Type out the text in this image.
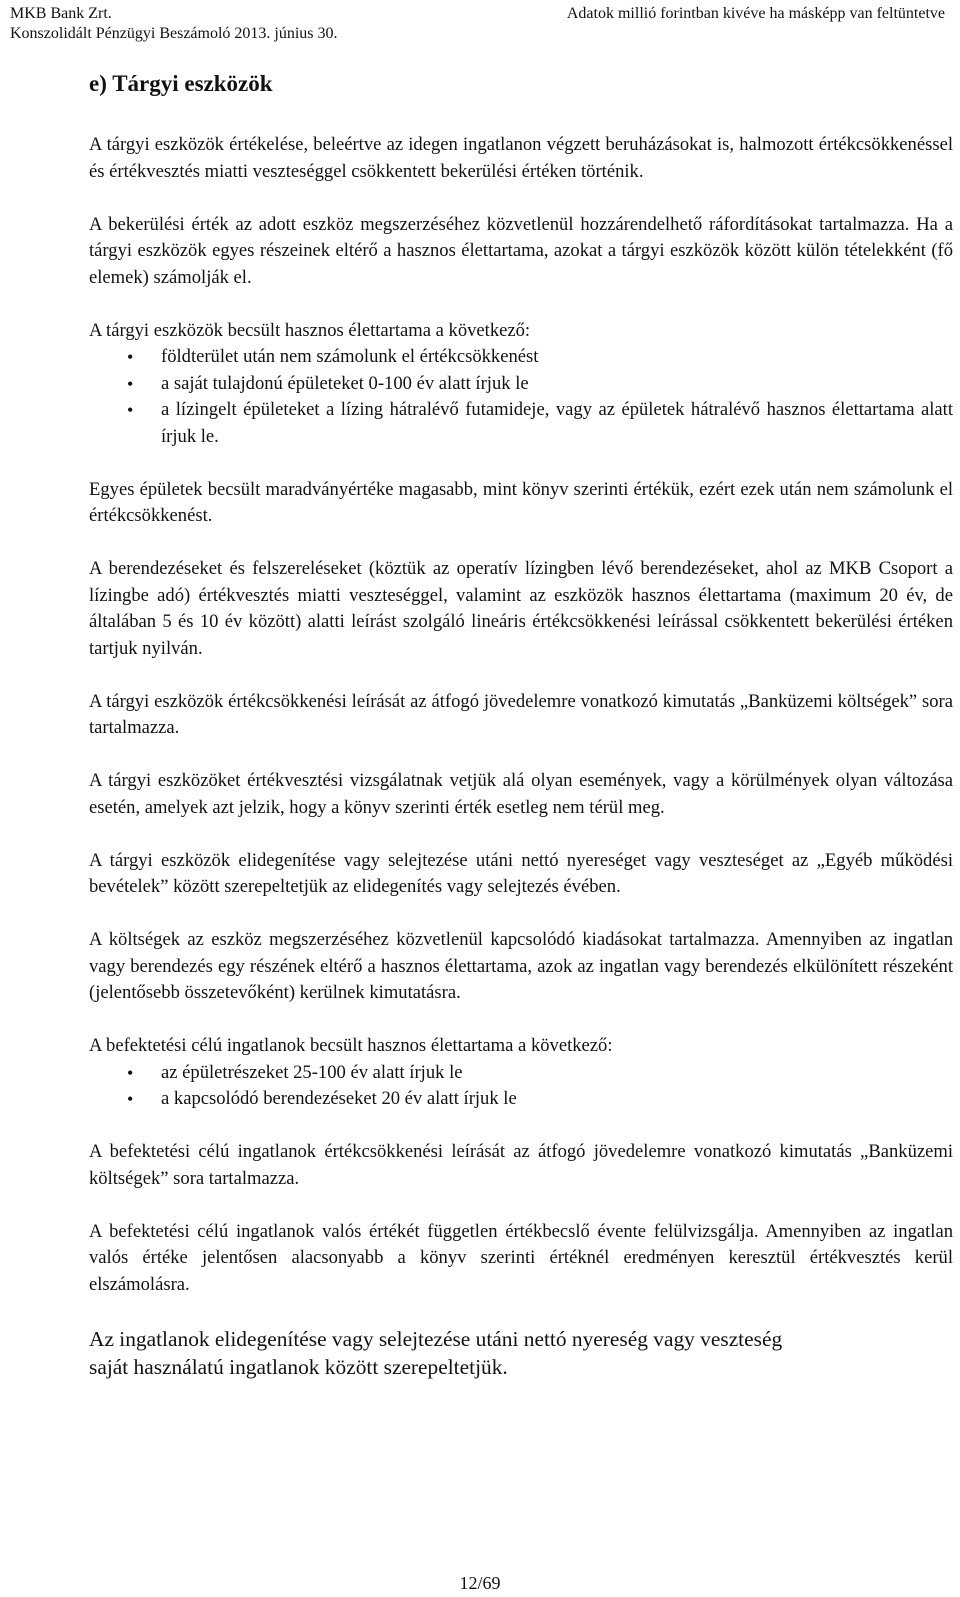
MKB Bank Zrt.
Konszolidált Pénzügyi Beszámoló 2013. június 30.
Adatok millió forintban kivéve ha másképp van feltüntetve
e) Tárgyi eszközök

A tárgyi eszközök értékelése, beleértve az idegen ingatlanon végzett beruházásokat is, halmozott értékcsökkenéssel és értékvesztés miatti veszteséggel csökkentett bekerülési értéken történik.

A bekerülési érték az adott eszköz megszerzéséhez közvetlenül hozzárendelhető ráfordításokat tartalmazza. Ha a tárgyi eszközök egyes részeinek eltérő a hasznos élettartama, azokat a tárgyi eszközök között külön tételekként (fő elemek) számolják el.

A tárgyi eszközök becsült hasznos élettartama a következő:

• földterület után nem számolunk el értékcsökkenést
• a saját tulajdonú épületeket 0-100 év alatt írjuk le
• a lízingelt épületeket a lízing hátralévő futamideje, vagy az épületek hátralévő hasznos élettartama alatt írjuk le.

Egyes épületek becsült maradványértéke magasabb, mint könyv szerinti értékük, ezért ezek után nem számolunk el értékcsökkenést.

A berendezéseket és felszereléseket (köztük az operatív lízingben lévő berendezéseket, ahol az MKB Csoport a lízingbe adó) értékvesztés miatti veszteséggel, valamint az eszközök hasznos élettartama (maximum 20 év, de általában 5 és 10 év között) alatti leírást szolgáló lineáris értékcsökkenési leírással csökkentett bekerülési értéken tartjuk nyilván.

A tárgyi eszközök értékcsökkenési leírását az átfogó jövedelemre vonatkozó kimutatás „Banküzemi költségek” sora tartalmazza.

A tárgyi eszközöket értékvesztési vizsgálatnak vetjük alá olyan események, vagy a körülmények olyan változása esetén, amelyek azt jelzik, hogy a könyv szerinti érték esetleg nem térül meg.

A tárgyi eszközök elidegenítése vagy selejtezése utáni nettó nyereséget vagy veszteséget az „Egyéb működési bevételek” között szerepeltetjük az elidegenítés vagy selejtezés évében.

A költségek az eszköz megszerzéséhez közvetlenül kapcsolódó kiadásokat tartalmazza. Amennyiben az ingatlan vagy berendezés egy részének eltérő a hasznos élettartama, azok az ingatlan vagy berendezés elkülönített részeként (jelentősebb összetevőként) kerülnek kimutatásra.

A befektetési célú ingatlanok becsült hasznos élettartama a következő:

• az épületrészeket 25-100 év alatt írjuk le
• a kapcsolódó berendezéseket 20 év alatt írjuk le

A befektetési célú ingatlanok értékcsökkenési leírását az átfogó jövedelemre vonatkozó kimutatás „Banküzemi költségek” sora tartalmazza.

A befektetési célú ingatlanok valós értékét független értékbecslő évente felülvizsgálja. Amennyiben az ingatlan valós értéke jelentősen alacsonyabb a könyv szerinti értéknél eredményen keresztül értékvesztés kerül elszámolásra.

Az ingatlanok elidegenítése vagy selejtezése utáni nettó nyereség vagy veszteség
saját használatú ingatlanok között szerepeltetjük.

12/69
